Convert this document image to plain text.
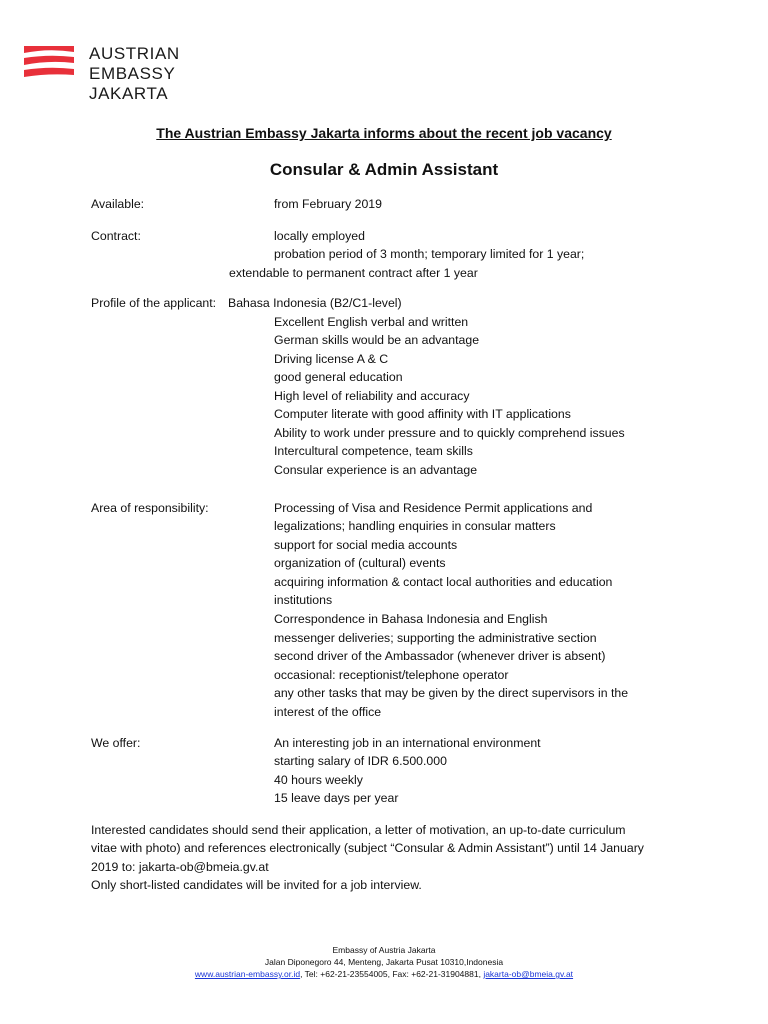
AUSTRIAN
EMBASSY
JAKARTA
The Austrian Embassy Jakarta informs about the recent job vacancy
Consular & Admin Assistant
Available:	from February 2019
Contract:	locally employed
probation period of 3 month; temporary limited for 1 year;
extendable to permanent contract after 1 year
Profile of the applicant: Bahasa Indonesia (B2/C1-level)
Excellent English verbal and written
German skills would be an advantage
Driving license A & C
good general education
High level of reliability and accuracy
Computer literate with good affinity with IT applications
Ability to work under pressure and to quickly comprehend issues
Intercultural competence, team skills
Consular experience is an advantage
Area of responsibility:	Processing of Visa and Residence Permit applications and
legalizations; handling enquiries in consular matters
support for social media accounts
organization of (cultural) events
acquiring information & contact local authorities and education
institutions
Correspondence in Bahasa Indonesia and English
messenger deliveries; supporting the administrative section
second driver of the Ambassador (whenever driver is absent)
occasional: receptionist/telephone operator
any other tasks that may be given by the direct supervisors in the
interest of the office
We offer:	An interesting job in an international environment
starting salary of IDR 6.500.000
40 hours weekly
15 leave days per year
Interested candidates should send their application, a letter of motivation, an up-to-date curriculum
vitae with photo) and references electronically (subject “Consular & Admin Assistant”) until 14 January
2019 to: jakarta-ob@bmeia.gv.at
Only short-listed candidates will be invited for a job interview.
Embassy of Austria Jakarta
Jalan Diponegoro 44, Menteng, Jakarta Pusat 10310,Indonesia
www.austrian-embassy.or.id, Tel: +62-21-23554005, Fax: +62-21-31904881, jakarta-ob@bmeia.gv.at
